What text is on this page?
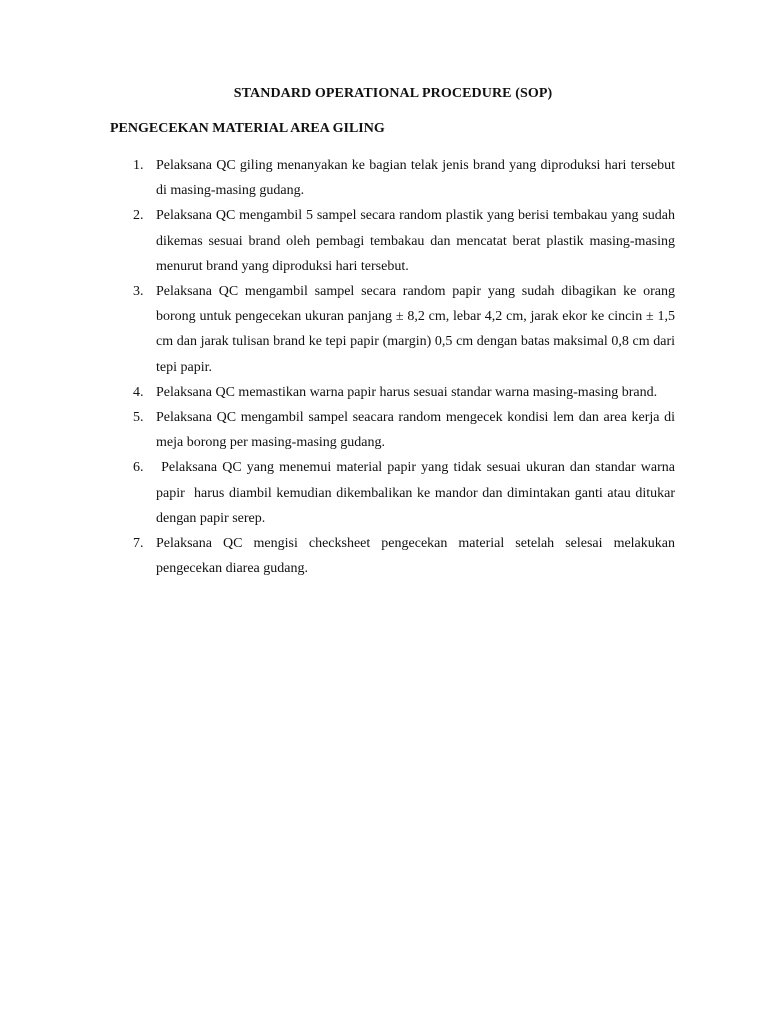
STANDARD OPERATIONAL PROCEDURE (SOP)
PENGECEKAN MATERIAL AREA GILING
1. Pelaksana QC giling menanyakan ke bagian telak jenis brand yang diproduksi hari tersebut di masing-masing gudang.
2. Pelaksana QC mengambil 5 sampel secara random plastik yang berisi tembakau yang sudah dikemas sesuai brand oleh pembagi tembakau dan mencatat berat plastik masing-masing menurut brand yang diproduksi hari tersebut.
3. Pelaksana QC mengambil sampel secara random papir yang sudah dibagikan ke orang borong untuk pengecekan ukuran panjang ± 8,2 cm, lebar 4,2 cm, jarak ekor ke cincin ± 1,5 cm dan jarak tulisan brand ke tepi papir (margin) 0,5 cm dengan batas maksimal 0,8 cm dari tepi papir.
4. Pelaksana QC memastikan warna papir harus sesuai standar warna masing-masing brand.
5. Pelaksana QC mengambil sampel seacara random mengecek kondisi lem dan area kerja di meja borong per masing-masing gudang.
6. Pelaksana QC yang menemui material papir yang tidak sesuai ukuran dan standar warna papir  harus diambil kemudian dikembalikan ke mandor dan dimintakan ganti atau ditukar dengan papir serep.
7. Pelaksana QC mengisi checksheet pengecekan material setelah selesai melakukan pengecekan diarea gudang.
